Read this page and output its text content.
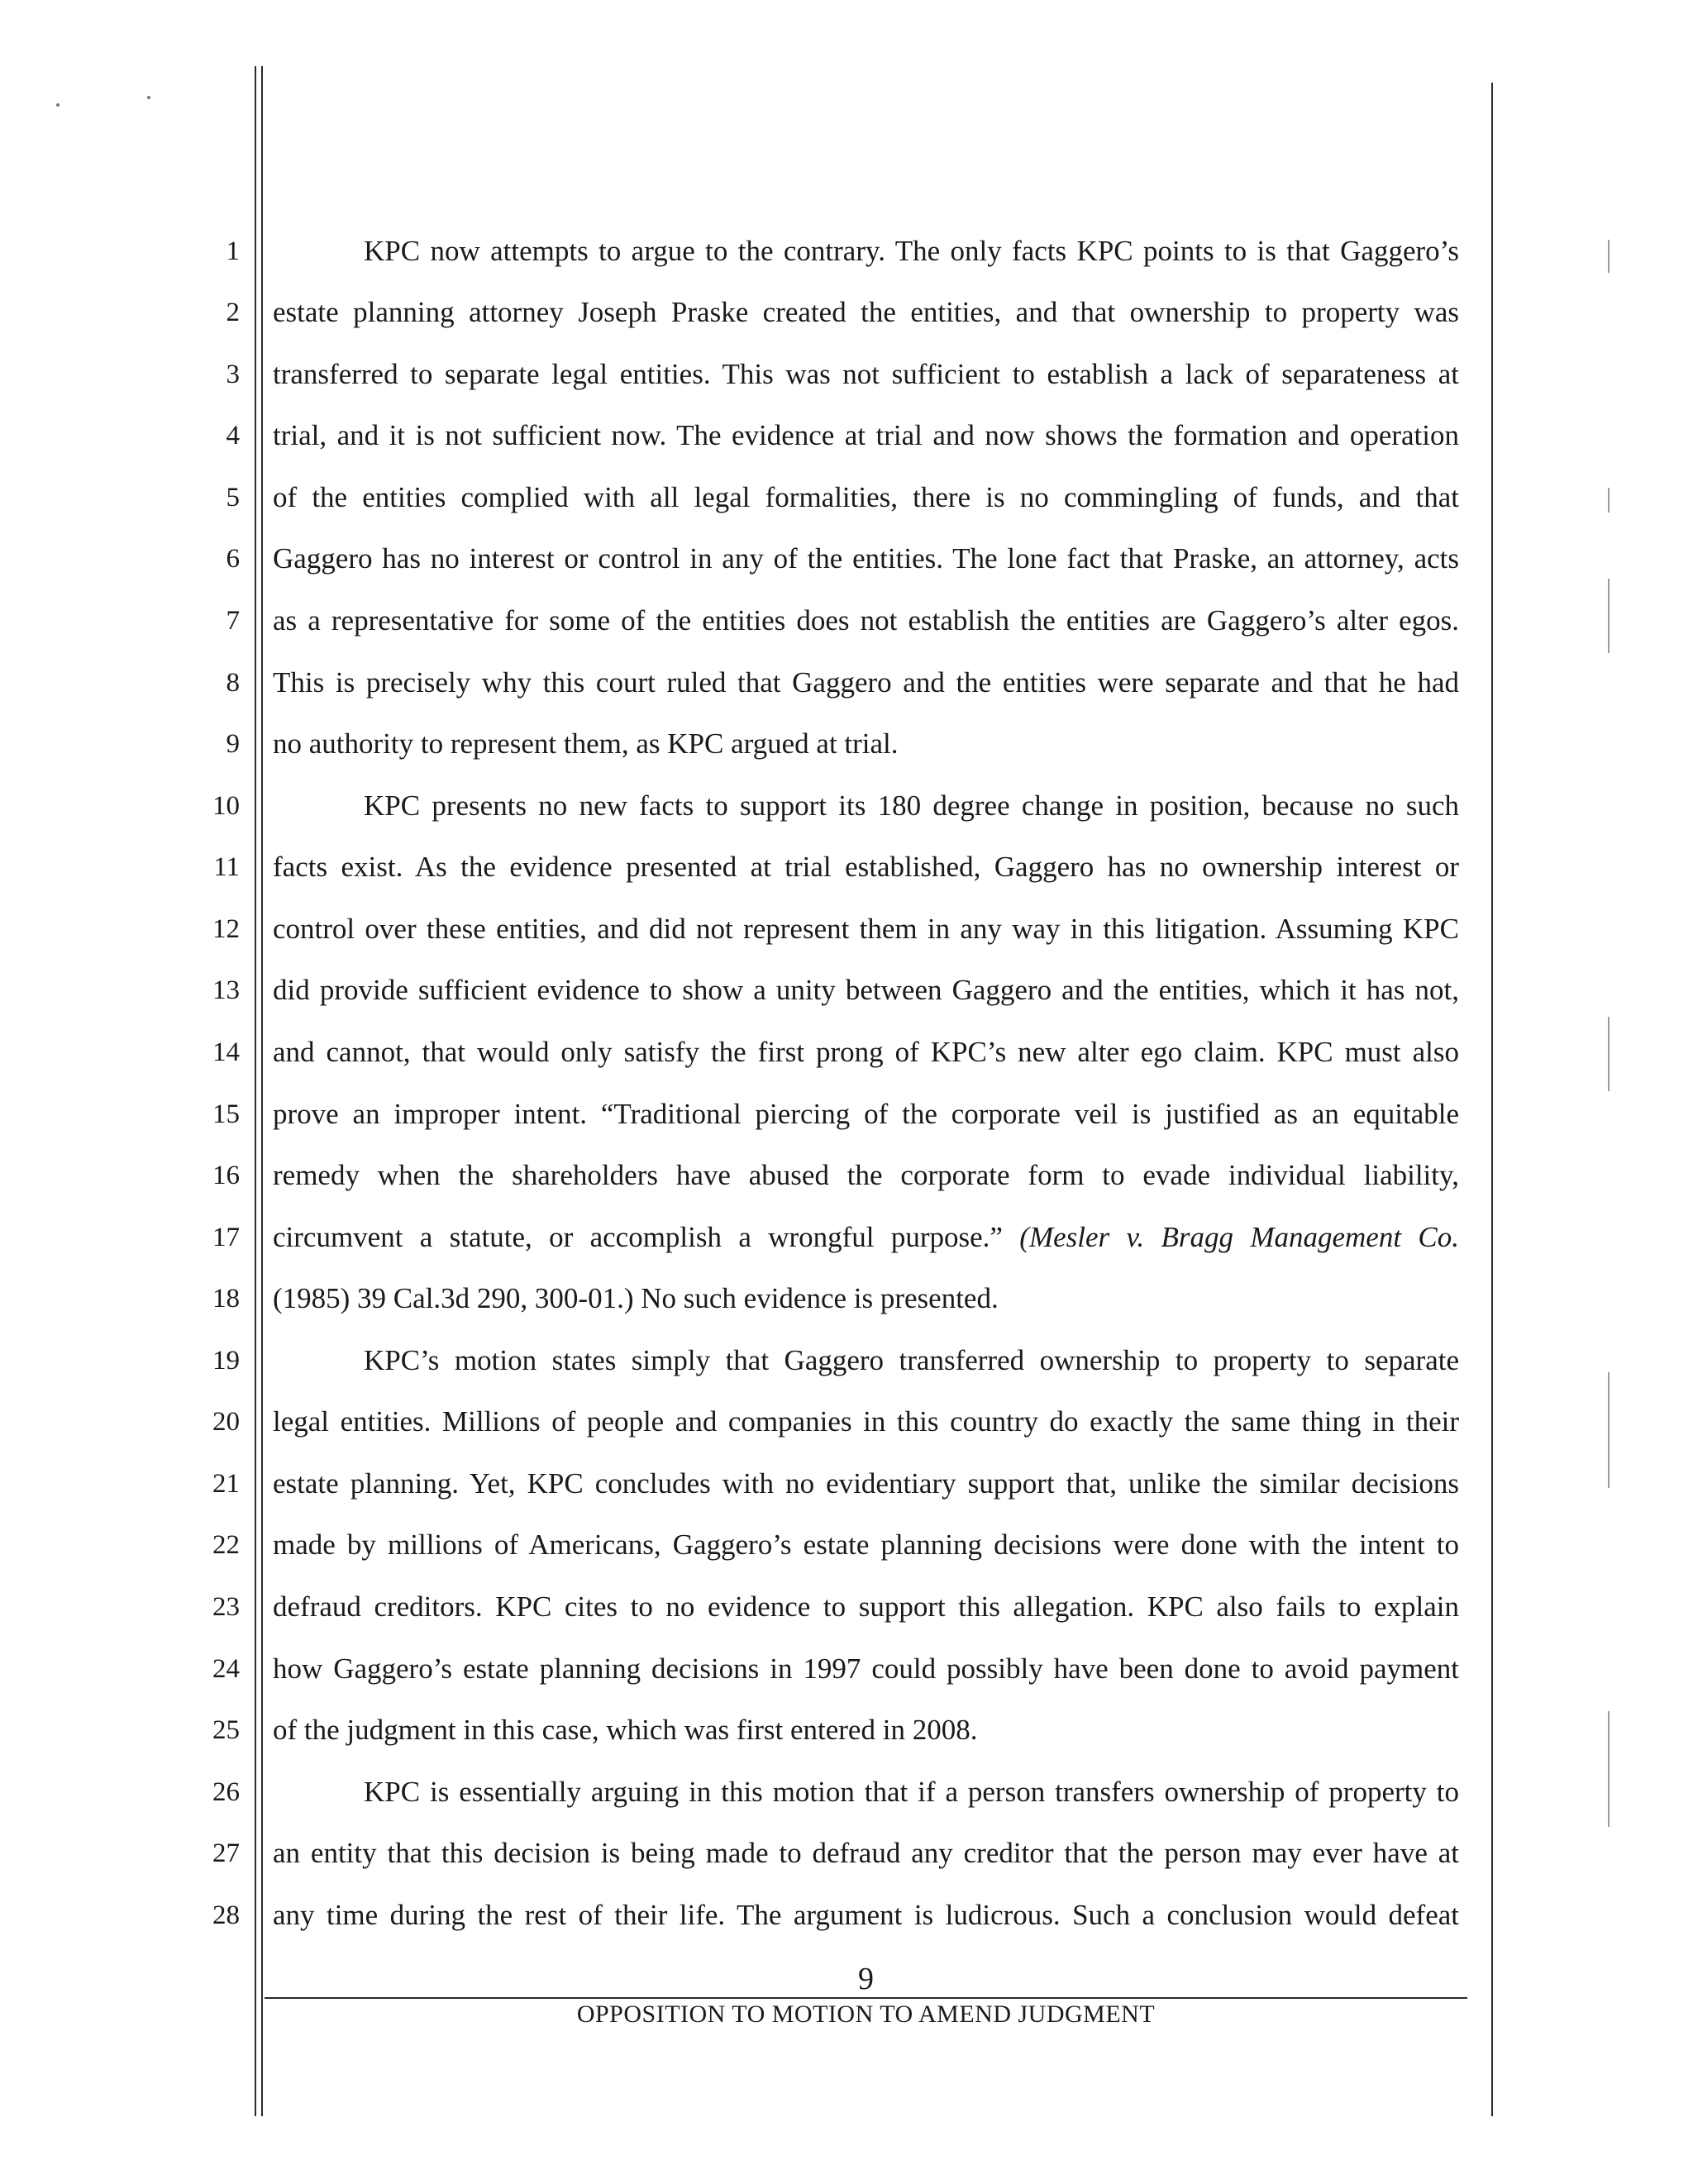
1
2
3
4
5
6
7
8
9
10
11
12
13
14
15
16
17
18
19
20
21
22
23
24
25
26
27
28
KPC now attempts to argue to the contrary. The only facts KPC points to is that Gaggero’s
estate planning attorney Joseph Praske created the entities, and that ownership to property was
transferred to separate legal entities. This was not sufficient to establish a lack of separateness at
trial, and it is not sufficient now. The evidence at trial and now shows the formation and operation
of the entities complied with all legal formalities, there is no commingling of funds, and that
Gaggero has no interest or control in any of the entities. The lone fact that Praske, an attorney, acts
as a representative for some of the entities does not establish the entities are Gaggero’s alter egos.
This is precisely why this court ruled that Gaggero and the entities were separate and that he had
no authority to represent them, as KPC argued at trial.
KPC presents no new facts to support its 180 degree change in position, because no such
facts exist. As the evidence presented at trial established, Gaggero has no ownership interest or
control over these entities, and did not represent them in any way in this litigation. Assuming KPC
did provide sufficient evidence to show a unity between Gaggero and the entities, which it has not,
and cannot, that would only satisfy the first prong of KPC’s new alter ego claim. KPC must also
prove an improper intent. “Traditional piercing of the corporate veil is justified as an equitable
remedy when the shareholders have abused the corporate form to evade individual liability,
circumvent a statute, or accomplish a wrongful purpose.” (Mesler v. Bragg Management Co.
(1985) 39 Cal.3d 290, 300-01.) No such evidence is presented.
KPC’s motion states simply that Gaggero transferred ownership to property to separate
legal entities. Millions of people and companies in this country do exactly the same thing in their
estate planning. Yet, KPC concludes with no evidentiary support that, unlike the similar decisions
made by millions of Americans, Gaggero’s estate planning decisions were done with the intent to
defraud creditors. KPC cites to no evidence to support this allegation. KPC also fails to explain
how Gaggero’s estate planning decisions in 1997 could possibly have been done to avoid payment
of the judgment in this case, which was first entered in 2008.
KPC is essentially arguing in this motion that if a person transfers ownership of property to
an entity that this decision is being made to defraud any creditor that the person may ever have at
any time during the rest of their life. The argument is ludicrous. Such a conclusion would defeat
9
OPPOSITION TO MOTION TO AMEND JUDGMENT
